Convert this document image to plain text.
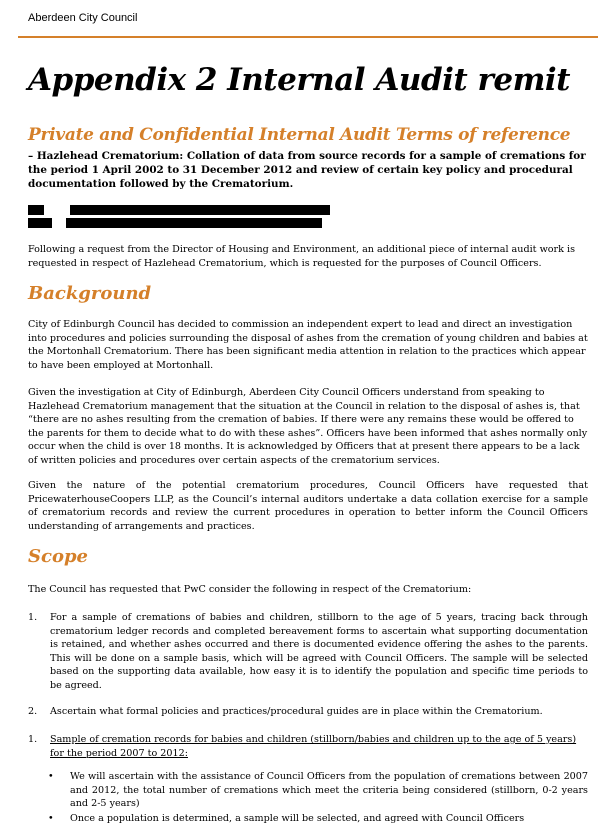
Aberdeen City Council
Appendix 2 Internal Audit remit
Private and Confidential Internal Audit Terms of reference
– Hazlehead Crematorium: Collation of data from source records for a sample of cremations for the period 1 April 2002 to 31 December 2012 and review of certain key policy and procedural documentation followed by the Crematorium.
Following a request from the Director of Housing and Environment, an additional piece of internal audit work is requested in respect of Hazlehead Crematorium, which is requested for the purposes of Council Officers.
Background
City of Edinburgh Council has decided to commission an independent expert to lead and direct an investigation into procedures and policies surrounding the disposal of ashes from the cremation of young children and babies at the Mortonhall Crematorium. There has been significant media attention in relation to the practices which appear to have been employed at Mortonhall.
Given the investigation at City of Edinburgh, Aberdeen City Council Officers understand from speaking to Hazlehead Crematorium management that the situation at the Council in relation to the disposal of ashes is, that “there are no ashes resulting from the cremation of babies. If there were any remains these would be offered to the parents for them to decide what to do with these ashes”. Officers have been informed that ashes normally only occur when the child is over 18 months. It is acknowledged by Officers that at present there appears to be a lack of written policies and procedures over certain aspects of the crematorium services.
Given the nature of the potential crematorium procedures, Council Officers have requested that PricewaterhouseCoopers LLP, as the Council’s internal auditors undertake a data collation exercise for a sample of crematorium records and review the current procedures in operation to better inform the Council Officers understanding of arrangements and practices.
Scope
The Council has requested that PwC consider the following in respect of the Crematorium:
1. For a sample of cremations of babies and children, stillborn to the age of 5 years, tracing back through crematorium ledger records and completed bereavement forms to ascertain what supporting documentation is retained, and whether ashes occurred and there is documented evidence offering the ashes to the parents. This will be done on a sample basis, which will be agreed with Council Officers. The sample will be selected based on the supporting data available, how easy it is to identify the population and specific time periods to be agreed.
2. Ascertain what formal policies and practices/procedural guides are in place within the Crematorium.
1. Sample of cremation records for babies and children (stillborn/babies and children up to the age of 5 years) for the period 2007 to 2012:
• We will ascertain with the assistance of Council Officers from the population of cremations between 2007 and 2012, the total number of cremations which meet the criteria being considered (stillborn, 0-2 years and 2-5 years)
• Once a population is determined, a sample will be selected, and agreed with Council Officers
